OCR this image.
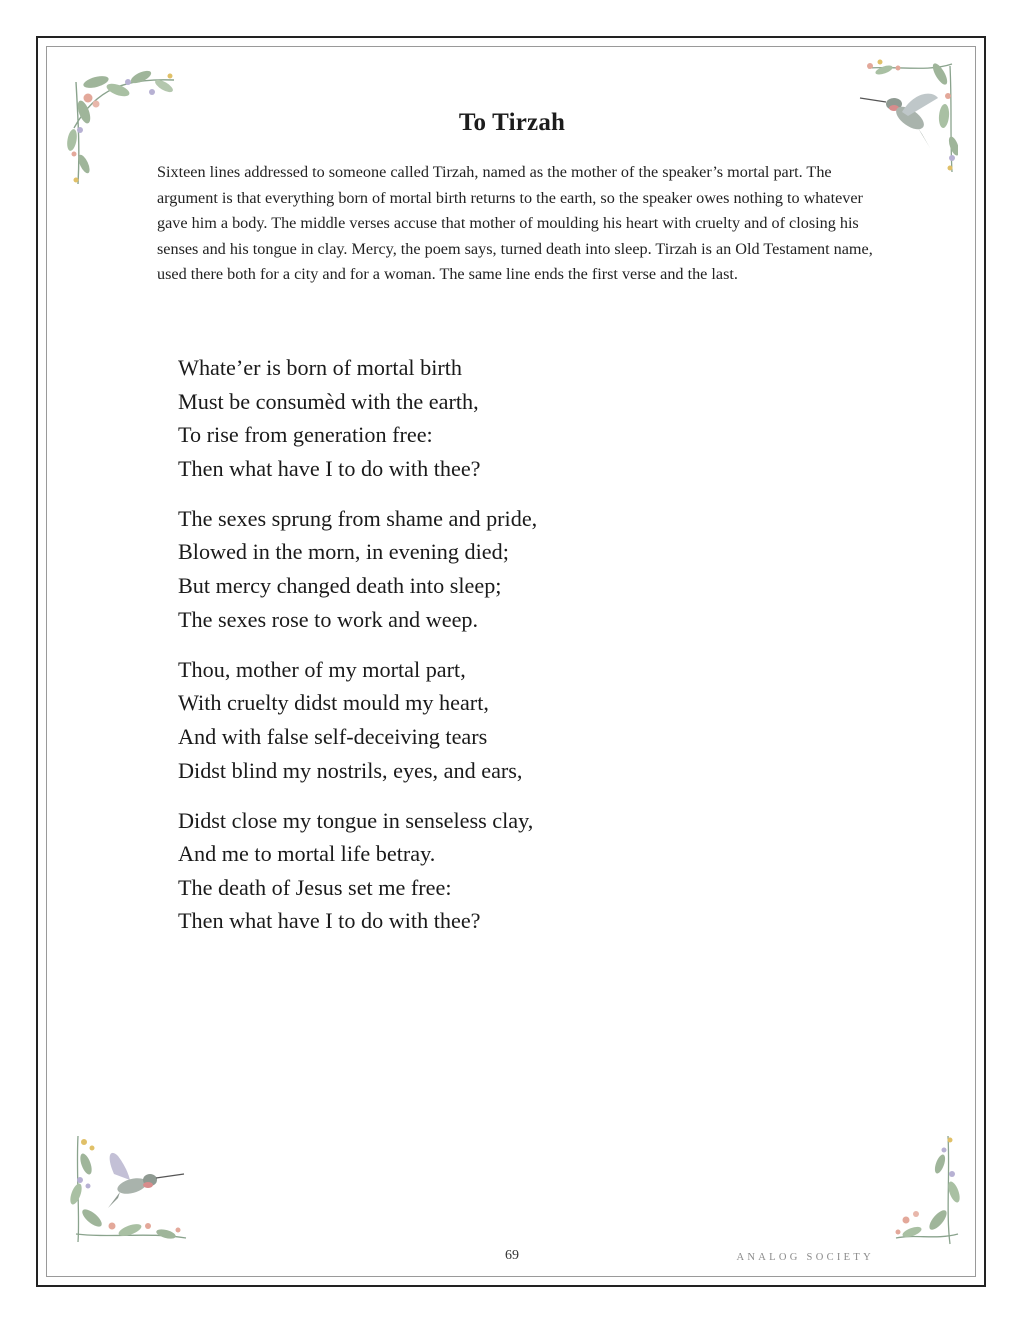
To Tirzah

Sixteen lines addressed to someone called Tirzah, named as the mother of the speaker’s mortal part. The argument is that everything born of mortal birth returns to the earth, so the speaker owes nothing to whatever gave him a body. The middle verses accuse that mother of moulding his heart with cruelty and of closing his senses and his tongue in clay. Mercy, the poem says, turned death into sleep. Tirzah is an Old Testament name, used there both for a city and for a woman. The same line ends the first verse and the last.

Whate’er is born of mortal birth
Must be consumèd with the earth,
To rise from generation free:
Then what have I to do with thee?
The sexes sprung from shame and pride,
Blowed in the morn, in evening died;
But mercy changed death into sleep;
The sexes rose to work and weep.
Thou, mother of my mortal part,
With cruelty didst mould my heart,
And with false self-deceiving tears
Didst blind my nostrils, eyes, and ears,
Didst close my tongue in senseless clay,
And me to mortal life betray.
The death of Jesus set me free:
Then what have I to do with thee?
69	ANALOG SOCIETY
